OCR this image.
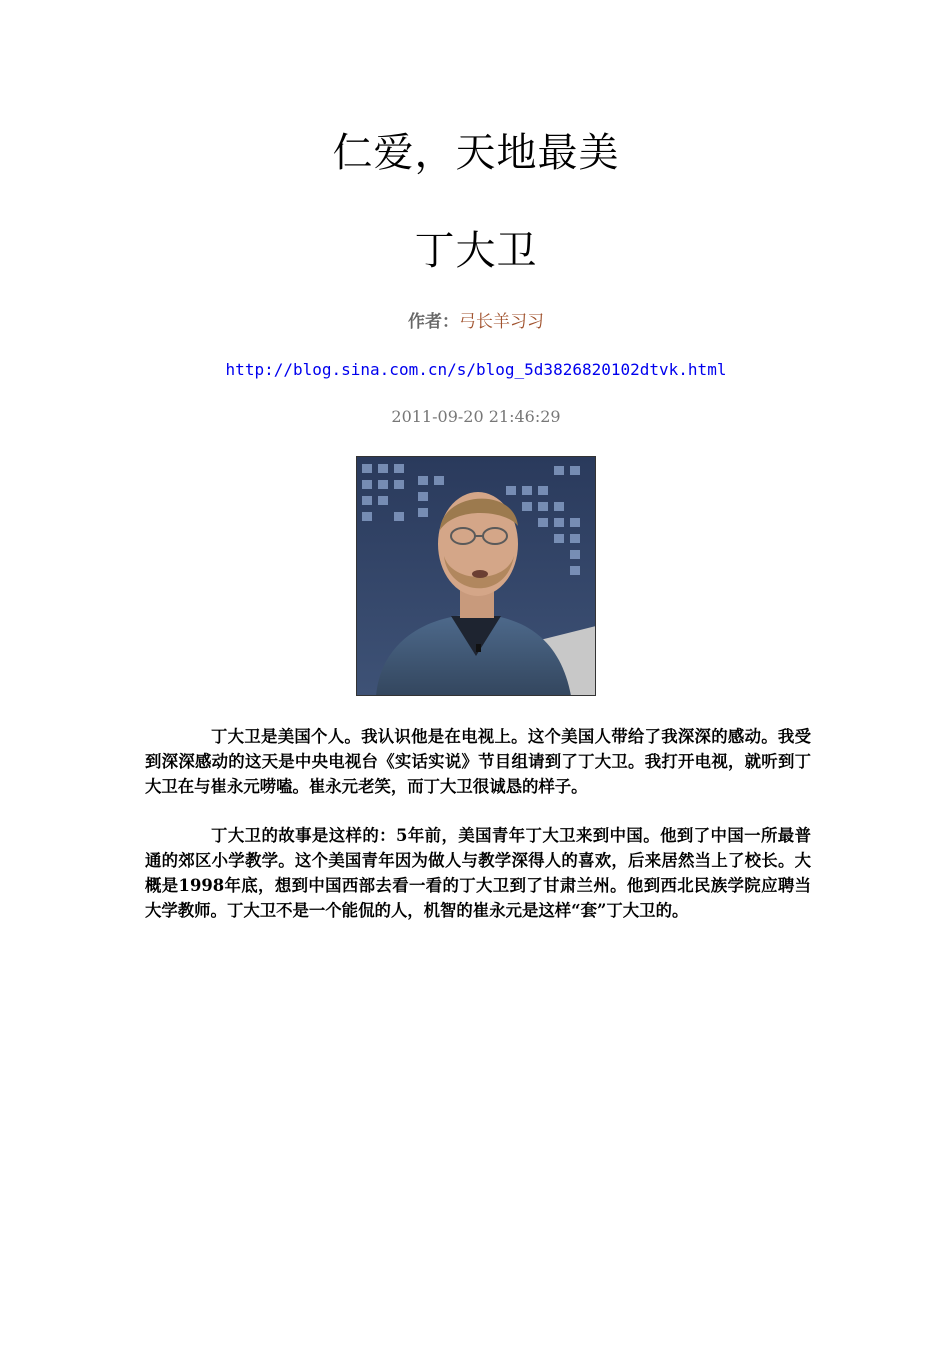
仁爱，天地最美
丁大卫
作者：弓长羊习习
http://blog.sina.com.cn/s/blog_5d3826820102dtvk.html
2011-09-20 21:46:29

丁大卫是美国个人。我认识他是在电视上。这个美国人带给了我深深的感动。我受到深深感动的这天是中央电视台《实话实说》节目组请到了丁大卫。我打开电视，就听到丁大卫在与崔永元唠嗑。崔永元老笑，而丁大卫很诚恳的样子。

丁大卫的故事是这样的：5年前，美国青年丁大卫来到中国。他到了中国一所最普通的郊区小学教学。这个美国青年因为做人与教学深得人的喜欢，后来居然当上了校长。大概是1998年底，想到中国西部去看一看的丁大卫到了甘肃兰州。他到西北民族学院应聘当大学教师。丁大卫不是一个能侃的人，机智的崔永元是这样“套”丁大卫的。
